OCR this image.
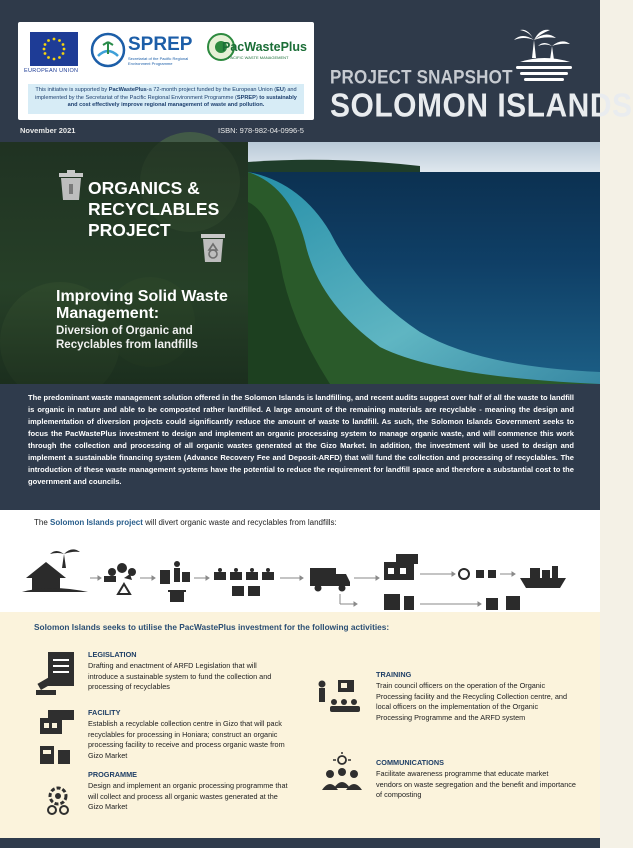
EUROPEAN UNION
SPREP
Secretariat of the Pacific Regional Environment Programme
PacWastePlus
PACIFIC WASTE MANAGEMENT
This initiative is supported by PacWastePlus-a 72-month project funded by the European Union (EU) and implemented by the Secretariat of the Pacific Regional Environment Programme (SPREP) to sustainably and cost effectively improve regional management of waste and pollution.
PROJECT SNAPSHOT
SOLOMON ISLANDS
November 2021	ISBN: 978-982-04-0996-5
ORGANICS & RECYCLABLES PROJECT
Improving Solid Waste Management:
Diversion of Organic and Recyclables from landfills

The predominant waste management solution offered in the Solomon Islands is landfilling, and recent audits suggest over half of all the waste to landfill is organic in nature and able to be composted rather landfilled. A large amount of the remaining materials are recyclable - meaning the design and implementation of diversion projects could significantly reduce the amount of waste to landfill. As such, the Solomon Islands Government seeks to focus the PacWastePlus investment to design and implement an organic processing system to manage organic waste, and will commence this work through the collection and processing of all organic wastes generated at the Gizo Market. In addition, the investment will be used to design and implement a sustainable financing system (Advance Recovery Fee and Deposit-ARFD) that will fund the collection and processing of recyclables. The introduction of these waste management systems have the potential to reduce the requirement for landfill space and therefore a substantial cost to the government and councils.

The Solomon Islands project will divert organic waste and recyclables from landfills:
Solomon Islands seeks to utilise the PacWastePlus investment for the following activities:
LEGISLATION
Drafting and enactment of ARFD Legislation that will introduce a sustainable system to fund the collection and processing of recyclables
FACILITY
Establish a recyclable collection centre in Gizo that will pack recyclables for processing in Honiara; construct an organic processing facility to receive and process organic waste from Gizo Market
PROGRAMME
Design and implement an organic processing programme that will collect and process all organic wastes generated at the Gizo Market
TRAINING
Train council officers on the operation of the Organic Processing facility and the Recycling Collection centre, and local officers on the implementation of the Organic Processing Programme and the ARFD system
COMMUNICATIONS
Facilitate awareness programme that educate market vendors on waste segregation and the benefit and importance of composting
